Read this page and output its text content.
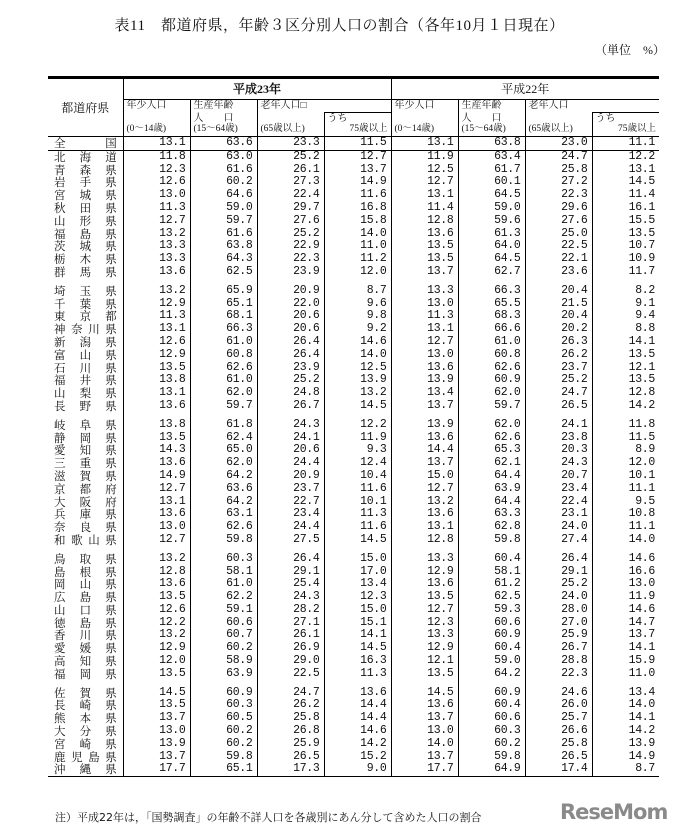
表11　都道府県，年齢３区分別人口の割合（各年10月１日現在）
（単位　%）
都道府県	平成23年				平成22年			
	年少人口	生産年齢	老年人口□		年少人口	生産年齢	老年人口	
		人　　口		うち		人　　口		うち
	(0～14歳)	(15～64歳)	(65歳以上)	75歳以上	(0～14歳)	(15～64歳)	(65歳以上)	75歳以上

全国	13.1	63.6	23.3	11.5	13.1	63.8	23.0	11.1

北海道	11.8	63.0	25.2	12.7	11.9	63.4	24.7	12.2

青森県	12.3	61.6	26.1	13.7	12.5	61.7	25.8	13.1

岩手県	12.6	60.2	27.3	14.9	12.7	60.1	27.2	14.5

宮城県	13.0	64.6	22.4	11.6	13.1	64.5	22.3	11.4

秋田県	11.3	59.0	29.7	16.8	11.4	59.0	29.6	16.1

山形県	12.7	59.7	27.6	15.8	12.8	59.6	27.6	15.5

福島県	13.2	61.6	25.2	14.0	13.6	61.3	25.0	13.5

茨城県	13.3	63.8	22.9	11.0	13.5	64.0	22.5	10.7

栃木県	13.3	64.3	22.3	11.2	13.5	64.5	22.1	10.9

群馬県	13.6	62.5	23.9	12.0	13.7	62.7	23.6	11.7

埼玉県	13.2	65.9	20.9	8.7	13.3	66.3	20.4	8.2

千葉県	12.9	65.1	22.0	9.6	13.0	65.5	21.5	9.1

東京都	11.3	68.1	20.6	9.8	11.3	68.3	20.4	9.4

神奈川県	13.1	66.3	20.6	9.2	13.1	66.6	20.2	8.8

新潟県	12.6	61.0	26.4	14.6	12.7	61.0	26.3	14.1

富山県	12.9	60.8	26.4	14.0	13.0	60.8	26.2	13.5

石川県	13.5	62.6	23.9	12.5	13.6	62.6	23.7	12.1

福井県	13.8	61.0	25.2	13.9	13.9	60.9	25.2	13.5

山梨県	13.1	62.0	24.8	13.2	13.4	62.0	24.7	12.8

長野県	13.6	59.7	26.7	14.5	13.7	59.7	26.5	14.2

岐阜県	13.8	61.8	24.3	12.2	13.9	62.0	24.1	11.8

静岡県	13.5	62.4	24.1	11.9	13.6	62.6	23.8	11.5

愛知県	14.3	65.0	20.6	9.3	14.4	65.3	20.3	8.9

三重県	13.6	62.0	24.4	12.4	13.7	62.1	24.3	12.0

滋賀県	14.9	64.2	20.9	10.4	15.0	64.4	20.7	10.1

京都府	12.7	63.6	23.7	11.6	12.7	63.9	23.4	11.1

大阪府	13.1	64.2	22.7	10.1	13.2	64.4	22.4	9.5

兵庫県	13.6	63.1	23.4	11.3	13.6	63.3	23.1	10.8

奈良県	13.0	62.6	24.4	11.6	13.1	62.8	24.0	11.1

和歌山県	12.7	59.8	27.5	14.5	12.8	59.8	27.4	14.0

鳥取県	13.2	60.3	26.4	15.0	13.3	60.4	26.4	14.6

島根県	12.8	58.1	29.1	17.0	12.9	58.1	29.1	16.6

岡山県	13.6	61.0	25.4	13.4	13.6	61.2	25.2	13.0

広島県	13.5	62.2	24.3	12.3	13.5	62.5	24.0	11.9

山口県	12.6	59.1	28.2	15.0	12.7	59.3	28.0	14.6

徳島県	12.2	60.6	27.1	15.1	12.3	60.6	27.0	14.7

香川県	13.2	60.7	26.1	14.1	13.3	60.9	25.9	13.7

愛媛県	12.9	60.2	26.9	14.5	12.9	60.4	26.7	14.1

高知県	12.0	58.9	29.0	16.3	12.1	59.0	28.8	15.9

福岡県	13.5	63.9	22.5	11.3	13.5	64.2	22.3	11.0

佐賀県	14.5	60.9	24.7	13.6	14.5	60.9	24.6	13.4

長崎県	13.5	60.3	26.2	14.4	13.6	60.4	26.0	14.0

熊本県	13.7	60.5	25.8	14.4	13.7	60.6	25.7	14.1

大分県	13.0	60.2	26.8	14.6	13.0	60.3	26.6	14.2

宮崎県	13.9	60.2	25.9	14.2	14.0	60.2	25.8	13.9

鹿児島県	13.7	59.8	26.5	15.2	13.7	59.8	26.5	14.9

沖縄県	17.7	65.1	17.3	9.0	17.7	64.9	17.4	8.7
注）平成22年は，「国勢調査」の年齢不詳人口を各歳別にあん分して含めた人口の割合	ReseMom
